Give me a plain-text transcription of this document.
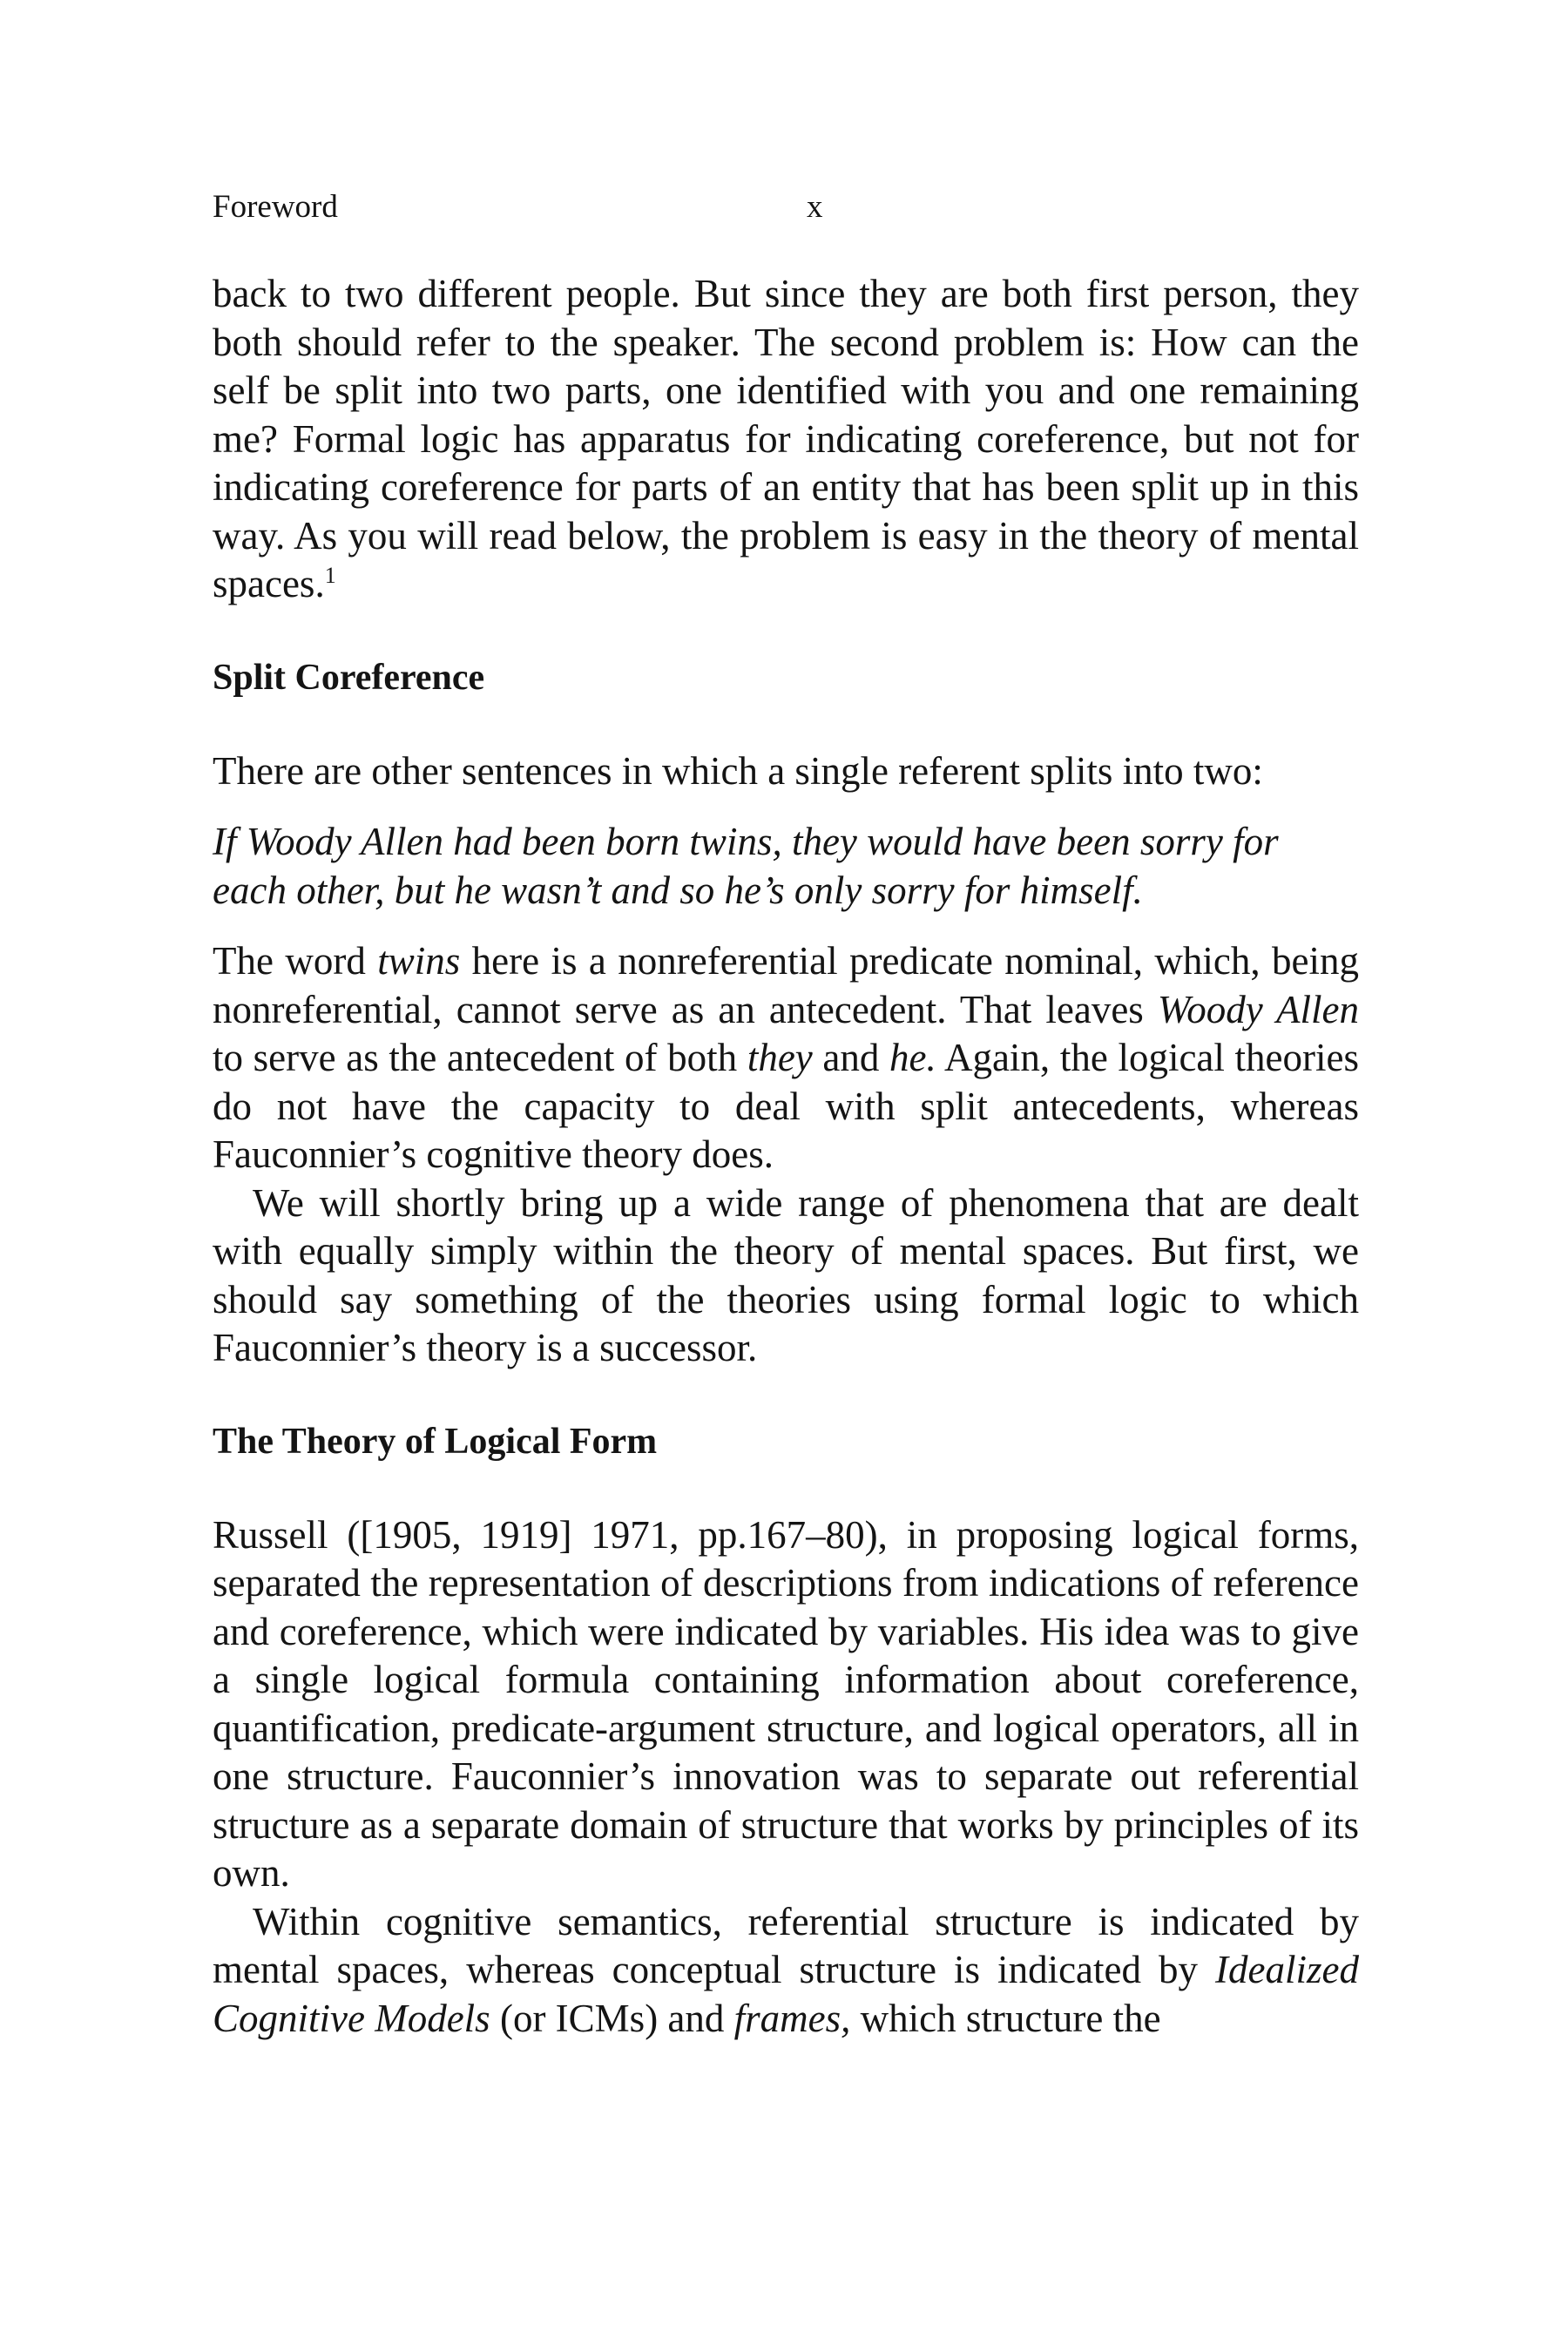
Foreword	x

back to two different people. But since they are both first person, they both should refer to the speaker. The second problem is: How can the self be split into two parts, one identified with you and one remaining me? Formal logic has apparatus for indicating coreference, but not for indicating coreference for parts of an entity that has been split up in this way. As you will read below, the problem is easy in the theory of mental spaces.$^1$

Split Coreference

There are other sentences in which a single referent splits into two:

If Woody Allen had been born twins, they would have been sorry for each other, but he wasn’t and so he’s only sorry for himself.

The word twins here is a nonreferential predicate nominal, which, being nonreferential, cannot serve as an antecedent. That leaves Woody Allen to serve as the antecedent of both they and he. Again, the logical theories do not have the capacity to deal with split antecedents, whereas Fauconnier’s cognitive theory does.

We will shortly bring up a wide range of phenomena that are dealt with equally simply within the theory of mental spaces. But first, we should say something of the theories using formal logic to which Fauconnier’s theory is a successor.

The Theory of Logical Form

Russell ([1905, 1919] 1971, pp.167–80), in proposing logical forms, separated the representation of descriptions from indications of reference and coreference, which were indicated by variables. His idea was to give a single logical formula containing information about coreference, quantification, predicate-argument structure, and logical operators, all in one structure. Fauconnier’s innovation was to separate out referential structure as a separate domain of structure that works by principles of its own.

Within cognitive semantics, referential structure is indicated by mental spaces, whereas conceptual structure is indicated by Idealized Cognitive Models (or ICMs) and frames, which structure the
